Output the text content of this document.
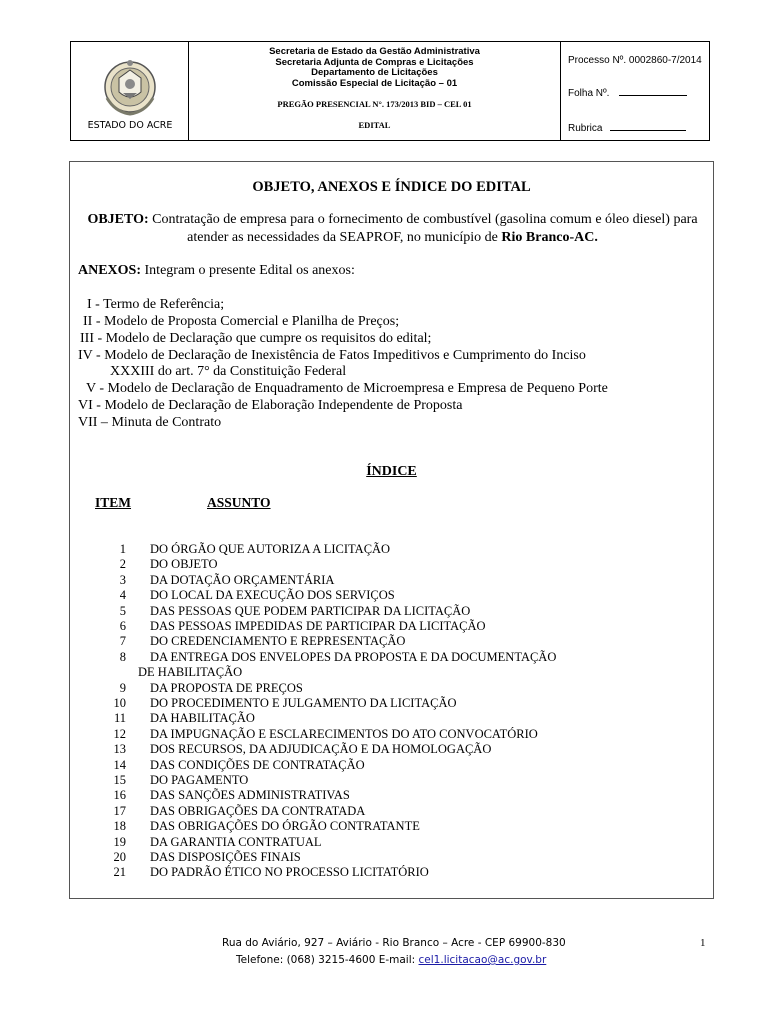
ESTADO DO ACRE
Secretaria de Estado da Gestão Administrativa
Secretaria Adjunta de Compras e Licitações
Departamento de Licitações
Comissão Especial de Licitação – 01
PREGÃO PRESENCIAL N°. 173/2013 BID – CEL 01
EDITAL
Processo Nº. 0002860-7/2014
Folha Nº.
Rubrica
OBJETO, ANEXOS E ÍNDICE DO EDITAL
OBJETO: Contratação de empresa para o fornecimento de combustível (gasolina comum e óleo diesel) para atender as necessidades da SEAPROF, no município de Rio Branco-AC.
ANEXOS: Integram o presente Edital os anexos:
I - Termo de Referência;
II - Modelo de Proposta Comercial e Planilha de Preços;
III - Modelo de Declaração que cumpre os requisitos do edital;
IV - Modelo de Declaração de Inexistência de Fatos Impeditivos e Cumprimento do Inciso
XXXIII do art. 7° da Constituição Federal
V - Modelo de Declaração de Enquadramento de Microempresa e Empresa de Pequeno Porte
VI - Modelo de Declaração de Elaboração Independente de Proposta
VII – Minuta de Contrato
ÍNDICE
ITEM	ASSUNTO
1 DO ÓRGÃO QUE AUTORIZA A LICITAÇÃO
2 DO OBJETO
3 DA DOTAÇÃO ORÇAMENTÁRIA
4 DO LOCAL DA EXECUÇÃO DOS SERVIÇOS
5 DAS PESSOAS QUE PODEM PARTICIPAR DA LICITAÇÃO
6 DAS PESSOAS IMPEDIDAS DE PARTICIPAR DA LICITAÇÃO
7 DO CREDENCIAMENTO E REPRESENTAÇÃO
8 DA ENTREGA DOS ENVELOPES DA PROPOSTA E DA DOCUMENTAÇÃO
DE HABILITAÇÃO
9 DA PROPOSTA DE PREÇOS
10 DO PROCEDIMENTO E JULGAMENTO DA LICITAÇÃO
11 DA HABILITAÇÃO
12 DA IMPUGNAÇÃO E ESCLARECIMENTOS DO ATO CONVOCATÓRIO
13 DOS RECURSOS, DA ADJUDICAÇÃO E DA HOMOLOGAÇÃO
14 DAS CONDIÇÕES DE CONTRATAÇÃO
15 DO PAGAMENTO
16 DAS SANÇÕES ADMINISTRATIVAS
17 DAS OBRIGAÇÕES DA CONTRATADA
18 DAS OBRIGAÇÕES DO ÓRGÃO CONTRATANTE
19 DA GARANTIA CONTRATUAL
20 DAS DISPOSIÇÕES FINAIS
21 DO PADRÃO ÉTICO NO PROCESSO LICITATÓRIO
Rua do Aviário, 927 – Aviário - Rio Branco – Acre - CEP 69900-830
Telefone: (068) 3215-4600 E-mail: cel1.licitacao@ac.gov.br
1
